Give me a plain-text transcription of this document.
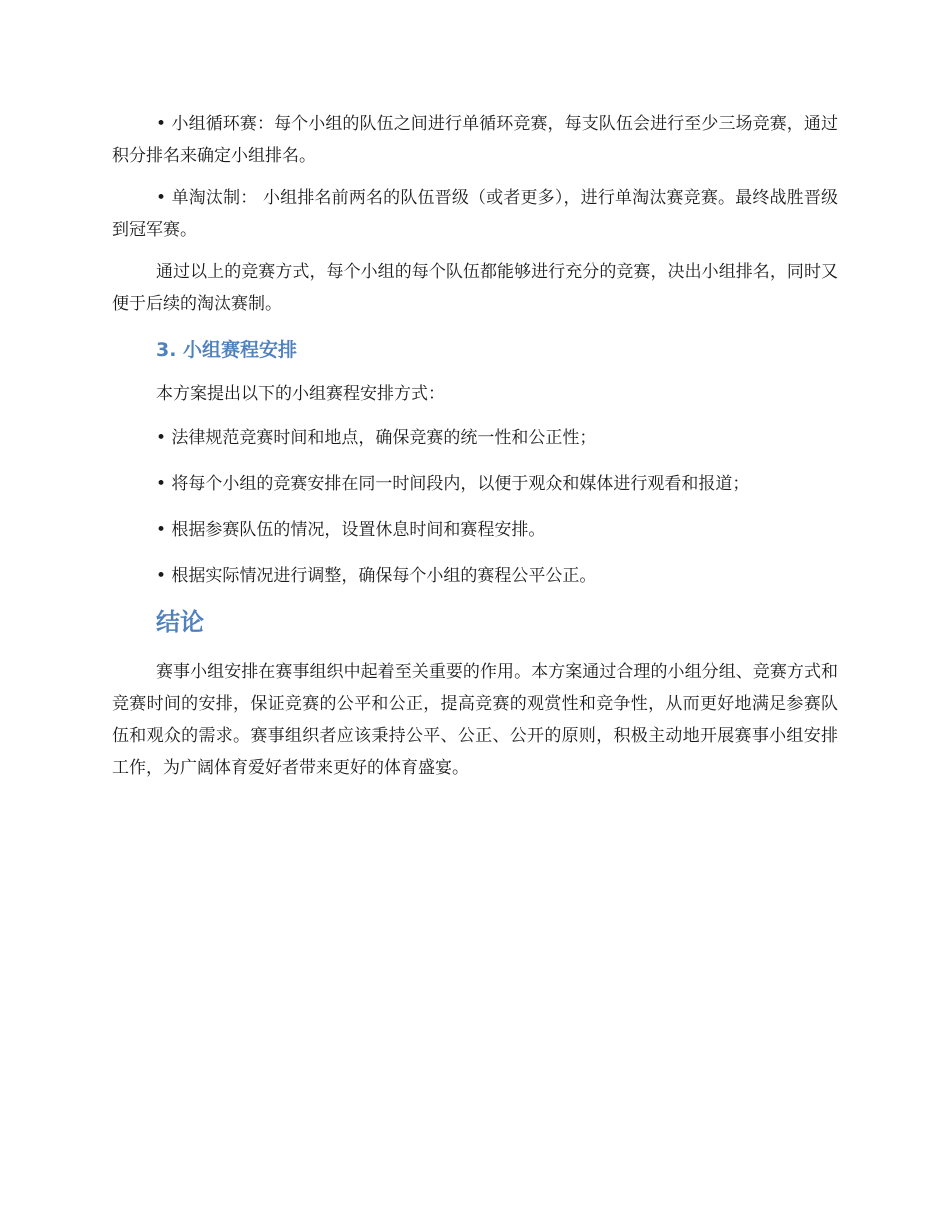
• 小组循环赛：每个小组的队伍之间进行单循环竞赛，每支队伍会进行至少三场竞赛，通过积分排名来确定小组排名。

• 单淘汰制： 小组排名前两名的队伍晋级（或者更多），进行单淘汰赛竞赛。最终战胜晋级到冠军赛。

通过以上的竞赛方式，每个小组的每个队伍都能够进行充分的竞赛，决出小组排名，同时又便于后续的淘汰赛制。

3. 小组赛程安排

本方案提出以下的小组赛程安排方式：

• 法律规范竞赛时间和地点，确保竞赛的统一性和公正性；

• 将每个小组的竞赛安排在同一时间段内，以便于观众和媒体进行观看和报道；

• 根据参赛队伍的情况，设置休息时间和赛程安排。

• 根据实际情况进行调整，确保每个小组的赛程公平公正。

结论

赛事小组安排在赛事组织中起着至关重要的作用。本方案通过合理的小组分组、竞赛方式和竞赛时间的安排，保证竞赛的公平和公正，提高竞赛的观赏性和竞争性，从而更好地满足参赛队伍和观众的需求。赛事组织者应该秉持公平、公正、公开的原则，积极主动地开展赛事小组安排工作，为广阔体育爱好者带来更好的体育盛宴。
